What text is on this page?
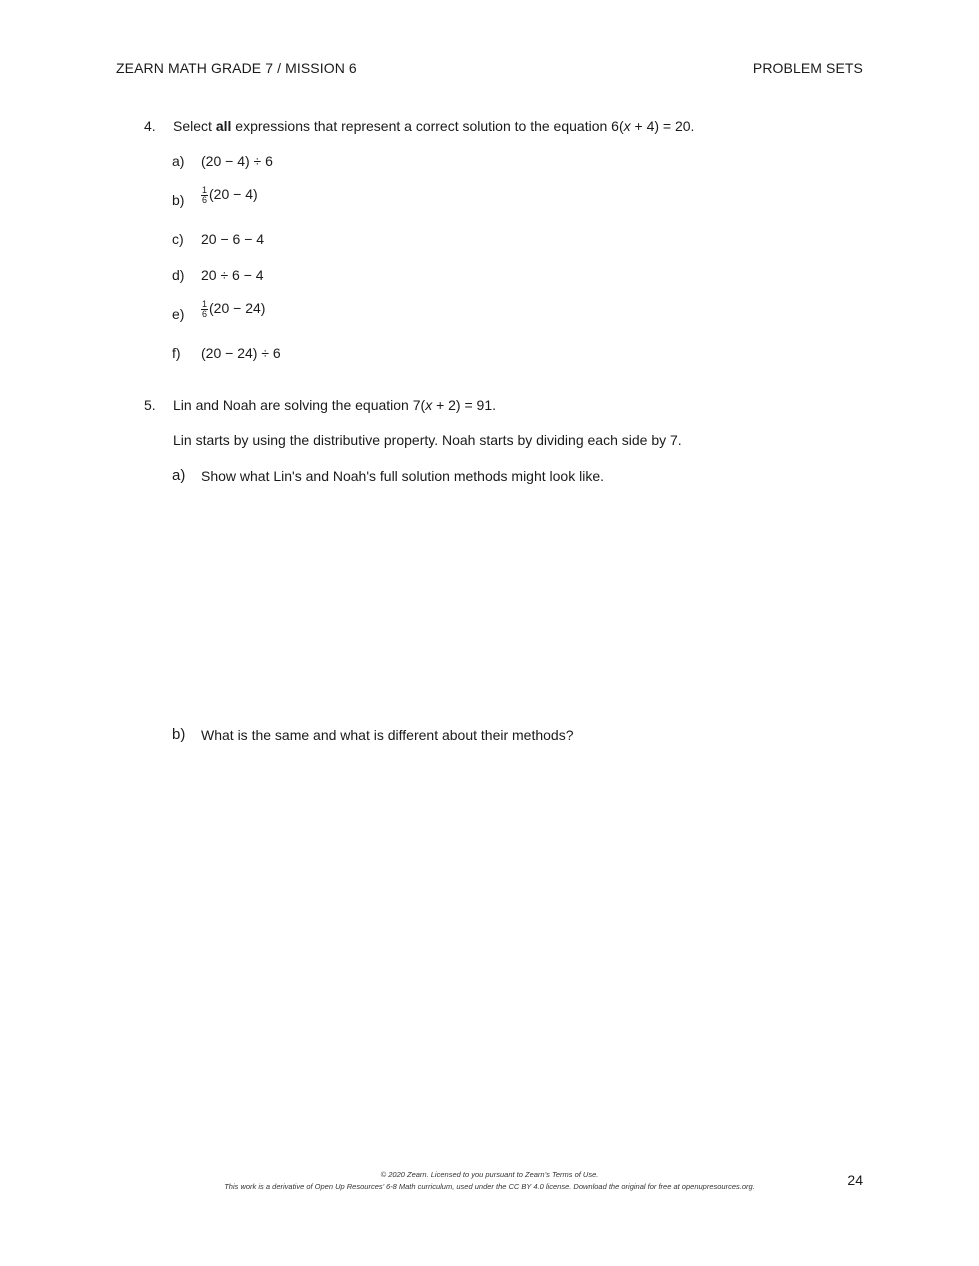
ZEARN MATH GRADE 7 / MISSION 6	PROBLEM SETS
4. Select all expressions that represent a correct solution to the equation 6(x + 4) = 20.
a) (20 − 4) ÷ 6
$b) \frac{1}{6} (20 - 4)$
c) 20 − 6 − 4
d) 20 ÷ 6 − 4
$e) \frac{1}{6} (20 - 24)$
f) (20 − 24) ÷ 6
5. Lin and Noah are solving the equation 7(x + 2) = 91.
Lin starts by using the distributive property. Noah starts by dividing each side by 7.
a) Show what Lin's and Noah's full solution methods might look like.
b) What is the same and what is different about their methods?
© 2020 Zearn. Licensed to you pursuant to Zearn’s Terms of Use.
This work is a derivative of Open Up Resources’ 6-8 Math curriculum, used under the CC BY 4.0 license. Download the original for free at openupresources.org.	24
